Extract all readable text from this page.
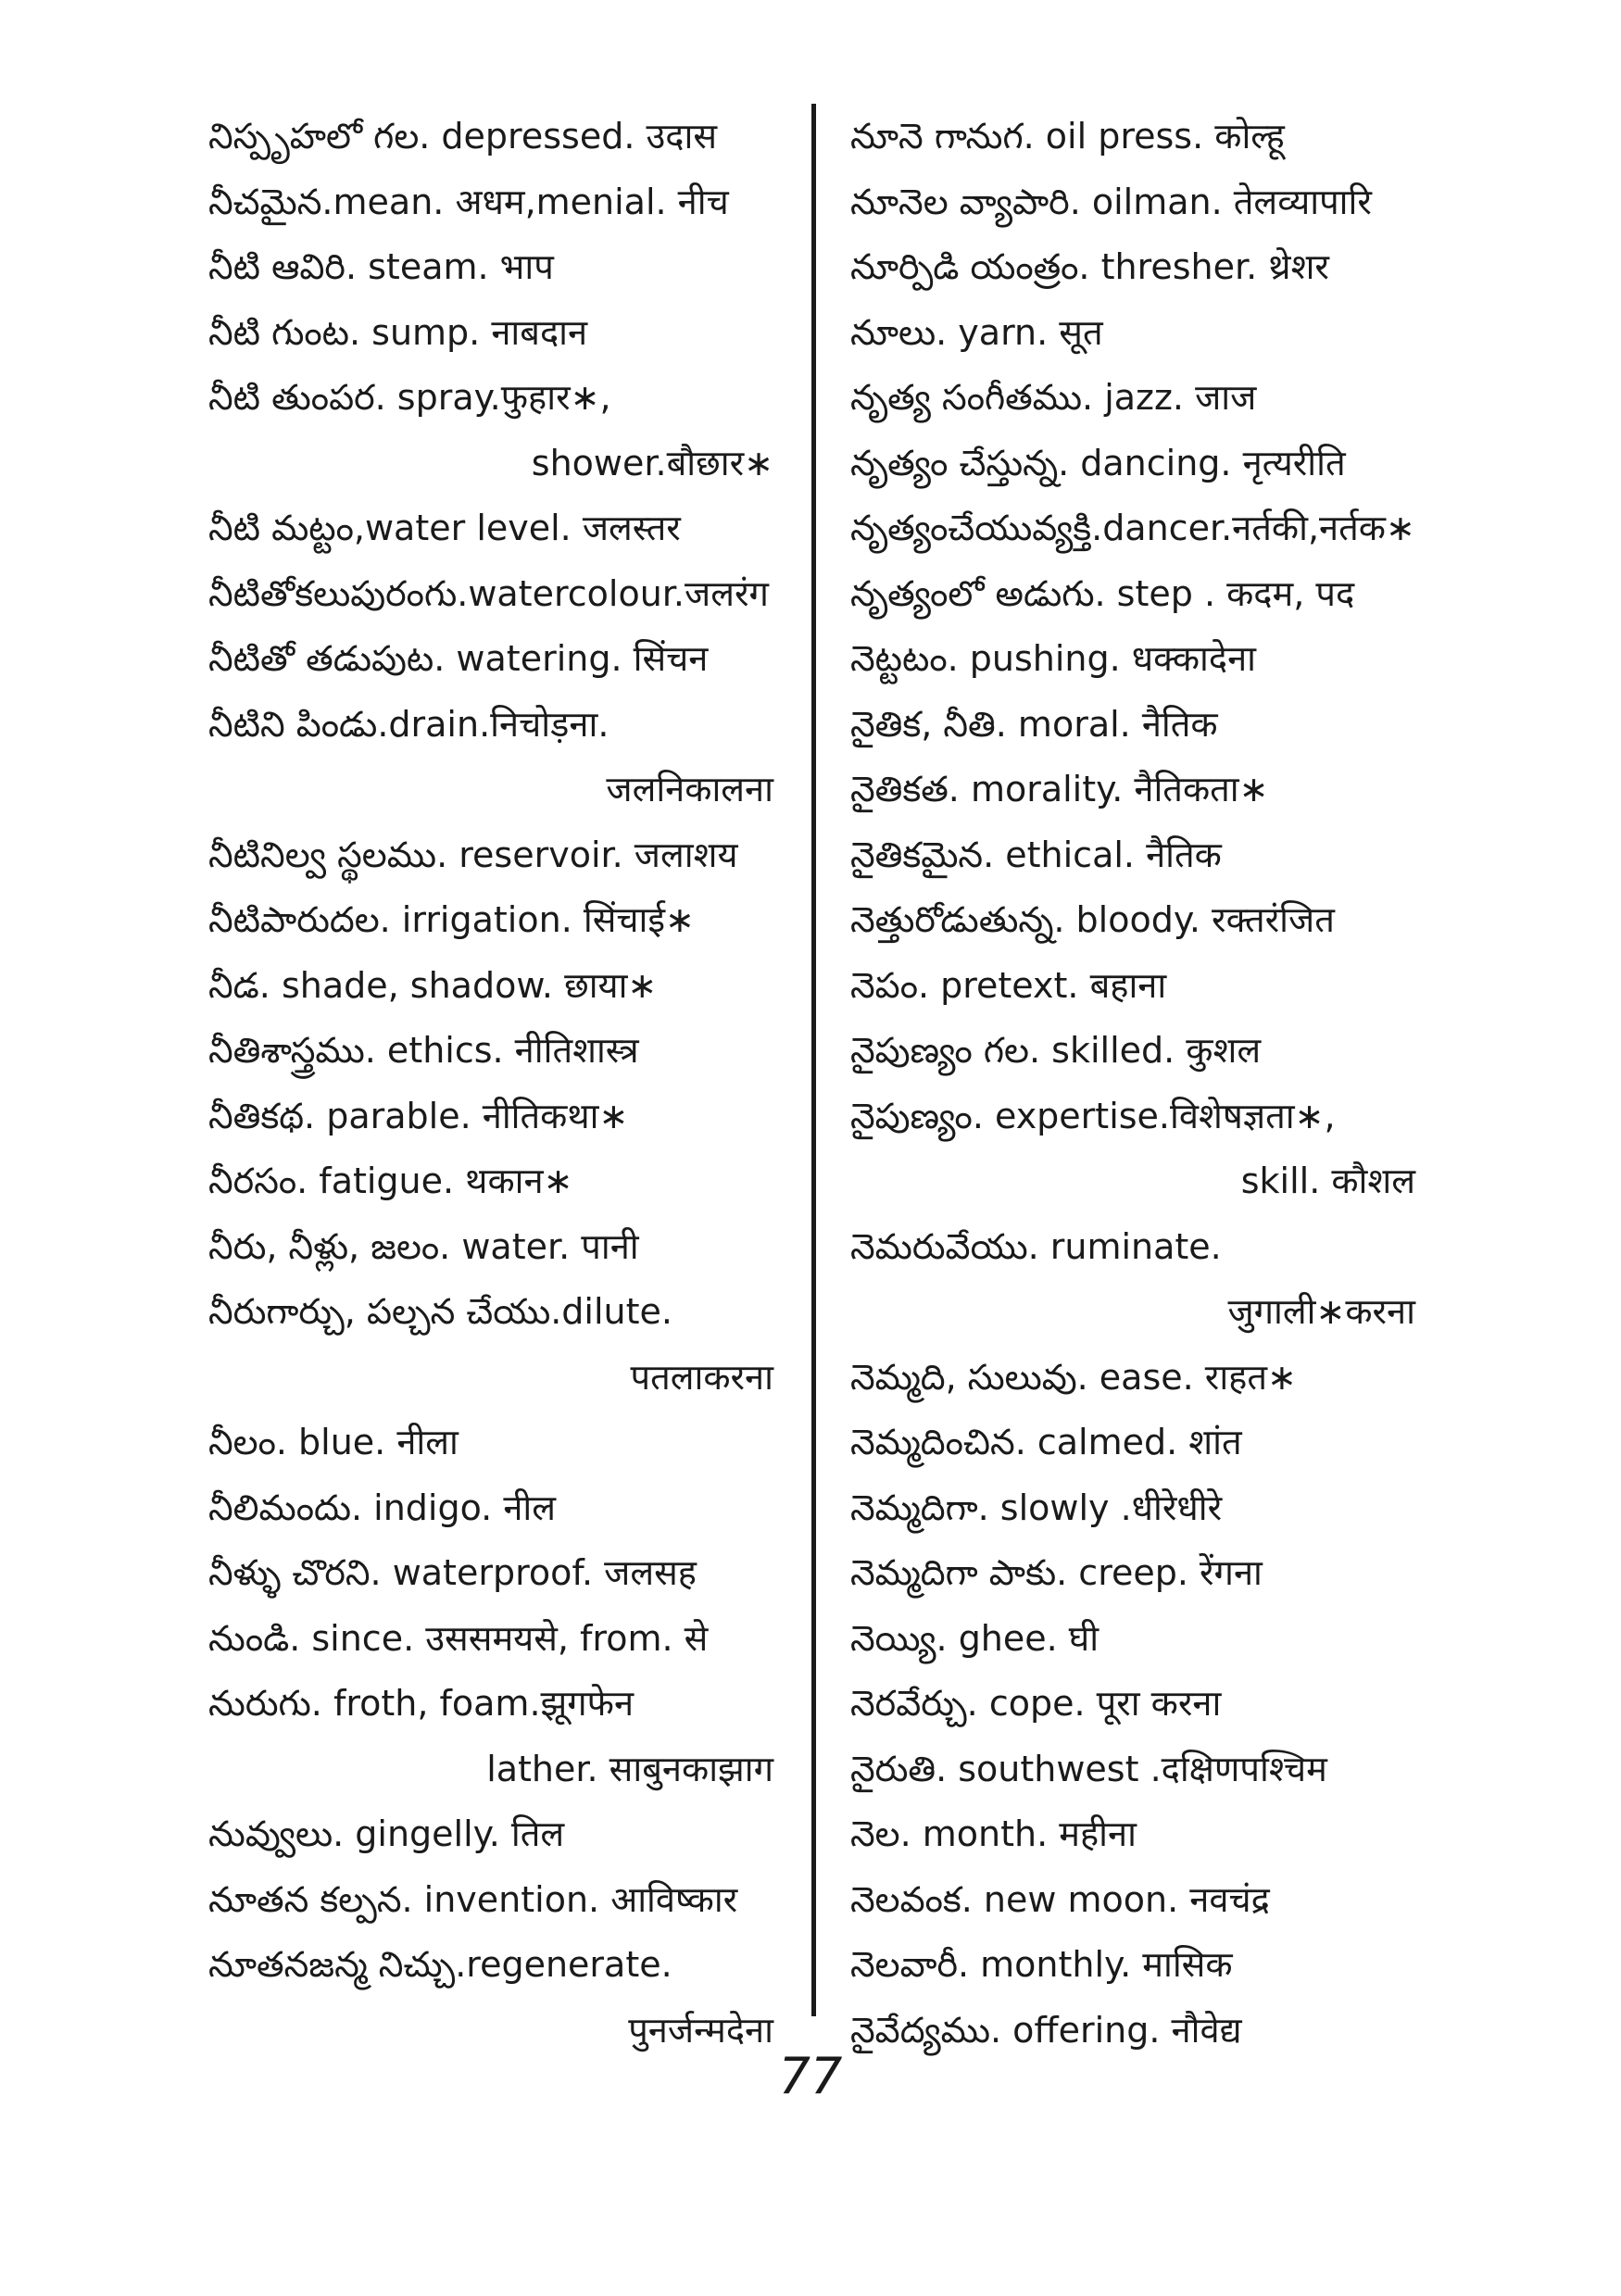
నిస్పృహలో గల. depressed. उदास
నీచమైన.mean. अधम,menial. नीच
నీటి ఆవిరి. steam. भाप
నీటి గుంట. sump. नाबदान
నీటి తుంపర. spray.फुहार∗,
shower.बौछार∗
నీటి మట్టం,water level. जलस्तर
నీటితోకలుపురంగు.watercolour.जलरंग
నీటితో తడుపుట. watering. सिंचन
నీటిని పిండు.drain.निचोड़ना.
जलनिकालना
నీటినిల్వ స్థలము. reservoir. जलाशय
నీటిపారుదల. irrigation. सिंचाई∗
నీడ. shade, shadow. छाया∗
నీతిశాస్త్రము. ethics. नीतिशास्त्र
నీతికథ. parable. नीतिकथा∗
నీరసం. fatigue. थकान∗
నీరు, నీళ్లు, జలం. water. पानी
నీరుగార్చు, పల్చన చేయు.dilute.
पतलाकरना
నీలం. blue. नीला
నీలిమందు. indigo. नील
నీళ్ళు చొరని. waterproof. जलसह
నుండి. since. उससमयसे, from. से
నురుగు. froth, foam.झूगफेन
lather. साबुनकाझाग
నువ్వులు. gingelly. तिल
నూతన కల్పన. invention. आविष्कार
నూతనజన్మ నిచ్చు.regenerate.
पुनर्जन्मदेना
నూనె గానుగ. oil press. कोल्हू
నూనెల వ్యాపారి. oilman. तेलव्यापारि
నూర్పిడి యంత్రం. thresher. थ्रेशर
నూలు. yarn. सूत
నృత్య సంగీతము. jazz. जाज
నృత్యం చేస్తున్న. dancing. नृत्यरीति
నృత్యంచేయువ్యక్తి.dancer.नर्तकी,नर्तक∗
నృత్యంలో అడుగు. step . कदम, पद
నెట్టటం. pushing. धक्कादेना
నైతిక, నీతి. moral. नैतिक
నైతికత. morality. नैतिकता∗
నైతికమైన. ethical. नैतिक
నెత్తురోడుతున్న. bloody. रक्तरंजित
నెపం. pretext. बहाना
నైపుణ్యం గల. skilled. कुशल
నైపుణ్యం. expertise.विशेषज्ञता∗,
skill. कौशल
నెమరువేయు. ruminate.
जुगाली∗करना
నెమ్మది, సులువు. ease. राहत∗
నెమ్మదించిన. calmed. शांत
నెమ్మదిగా. slowly .धीरेधीरे
నెమ్మదిగా పాకు. creep. रेंगना
నెయ్యి. ghee. घी
నెరవేర్చు. cope. पूरा करना
నైరుతి. southwest .दक्षिणपश्चिम
నెల. month. महीना
నెలవంక. new moon. नवचंद्र
నెలవారీ. monthly. मासिक
నైవేద్యము. offering. नौवेद्य
77
